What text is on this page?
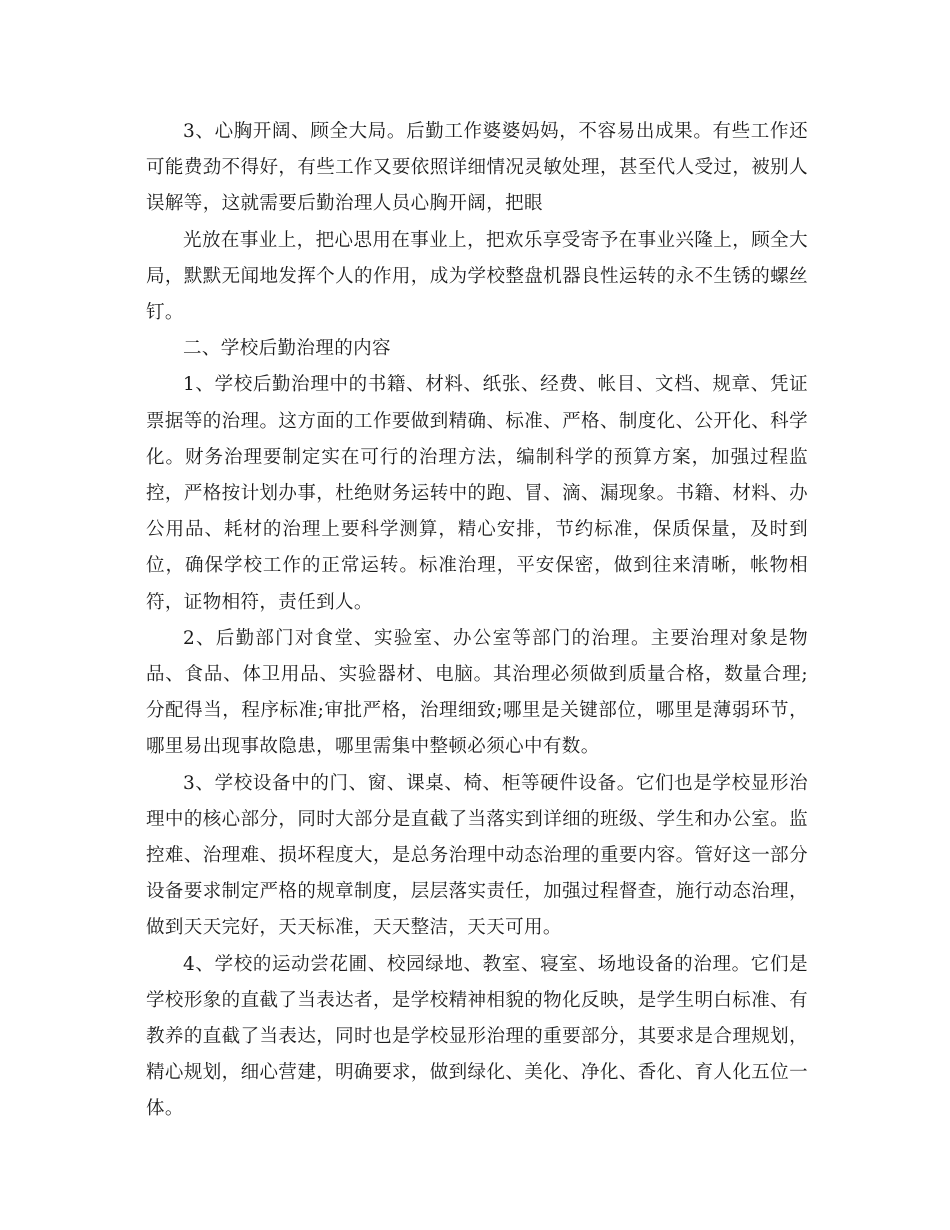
3、心胸开阔、顾全大局。后勤工作婆婆妈妈，不容易出成果。有些工作还可能费劲不得好，有些工作又要依照详细情况灵敏处理，甚至代人受过，被别人误解等，这就需要后勤治理人员心胸开阔，把眼

光放在事业上，把心思用在事业上，把欢乐享受寄予在事业兴隆上，顾全大局，默默无闻地发挥个人的作用，成为学校整盘机器良性运转的永不生锈的螺丝钉。

二、学校后勤治理的内容

1、学校后勤治理中的书籍、材料、纸张、经费、帐目、文档、规章、凭证票据等的治理。这方面的工作要做到精确、标准、严格、制度化、公开化、科学化。财务治理要制定实在可行的治理方法，编制科学的预算方案，加强过程监控，严格按计划办事，杜绝财务运转中的跑、冒、滴、漏现象。书籍、材料、办公用品、耗材的治理上要科学测算，精心安排，节约标准，保质保量，及时到位，确保学校工作的正常运转。标准治理，平安保密，做到往来清晰，帐物相符，证物相符，责任到人。

2、后勤部门对食堂、实验室、办公室等部门的治理。主要治理对象是物品、食品、体卫用品、实验器材、电脑。其治理必须做到质量合格，数量合理;分配得当，程序标准;审批严格，治理细致;哪里是关键部位，哪里是薄弱环节，哪里易出现事故隐患，哪里需集中整顿必须心中有数。

3、学校设备中的门、窗、课桌、椅、柜等硬件设备。它们也是学校显形治理中的核心部分，同时大部分是直截了当落实到详细的班级、学生和办公室。监控难、治理难、损坏程度大，是总务治理中动态治理的重要内容。管好这一部分设备要求制定严格的规章制度，层层落实责任，加强过程督查，施行动态治理，做到天天完好，天天标准，天天整洁，天天可用。

4、学校的运动尝花圃、校园绿地、教室、寝室、场地设备的治理。它们是学校形象的直截了当表达者，是学校精神相貌的物化反映，是学生明白标准、有教养的直截了当表达，同时也是学校显形治理的重要部分，其要求是合理规划，精心规划，细心营建，明确要求，做到绿化、美化、净化、香化、育人化五位一体。
